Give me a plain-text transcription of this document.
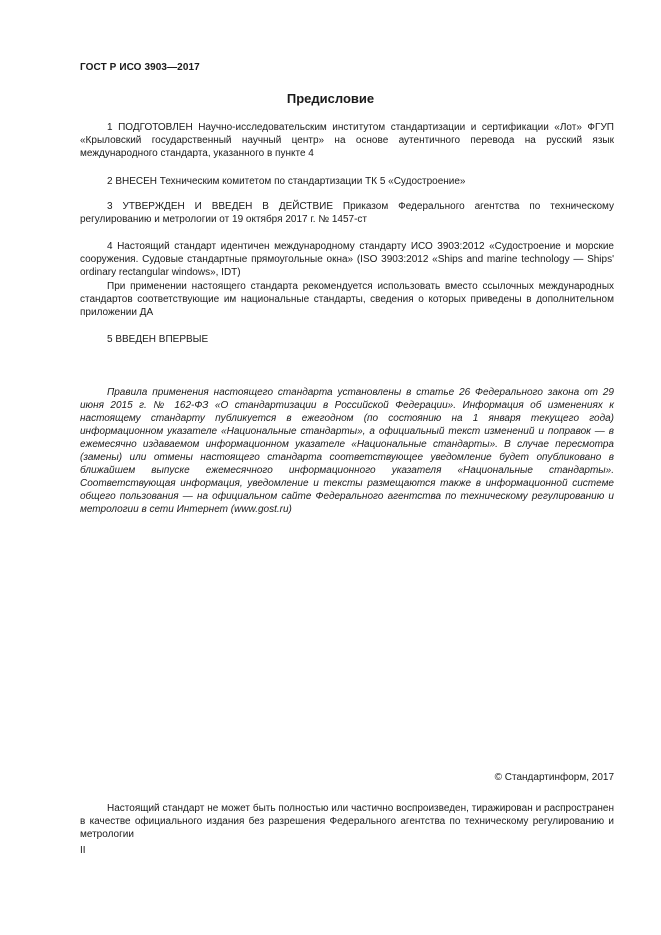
ГОСТ Р ИСО 3903—2017
Предисловие

1 ПОДГОТОВЛЕН Научно-исследовательским институтом стандартизации и сертификации «Лот» ФГУП «Крыловский государственный научный центр» на основе аутентичного перевода на русский язык международного стандарта, указанного в пункте 4

2 ВНЕСЕН Техническим комитетом по стандартизации ТК 5 «Судостроение»

3 УТВЕРЖДЕН И ВВЕДЕН В ДЕЙСТВИЕ Приказом Федерального агентства по техническому регулированию и метрологии от 19 октября 2017 г. № 1457-ст

4 Настоящий стандарт идентичен международному стандарту ИСО 3903:2012 «Судостроение и морские сооружения. Судовые стандартные прямоугольные окна» (ISO 3903:2012 «Ships and marine technology — Ships' ordinary rectangular windows», IDT)

При применении настоящего стандарта рекомендуется использовать вместо ссылочных международных стандартов соответствующие им национальные стандарты, сведения о которых приведены в дополнительном приложении ДА

5 ВВЕДЕН ВПЕРВЫЕ

Правила применения настоящего стандарта установлены в статье 26 Федерального закона от 29 июня 2015 г. № 162-ФЗ «О стандартизации в Российской Федерации». Информация об изменениях к настоящему стандарту публикуется в ежегодном (по состоянию на 1 января текущего года) информационном указателе «Национальные стандарты», а официальный текст изменений и поправок — в ежемесячно издаваемом информационном указателе «Национальные стандарты». В случае пересмотра (замены) или отмены настоящего стандарта соответствующее уведомление будет опубликовано в ближайшем выпуске ежемесячного информационного указателя «Национальные стандарты». Соответствующая информация, уведомление и тексты размещаются также в информационной системе общего пользования — на официальном сайте Федерального агентства по техническому регулированию и метрологии в сети Интернет (www.gost.ru)

© Стандартинформ, 2017

Настоящий стандарт не может быть полностью или частично воспроизведен, тиражирован и распространен в качестве официального издания без разрешения Федерального агентства по техническому регулированию и метрологии

II
